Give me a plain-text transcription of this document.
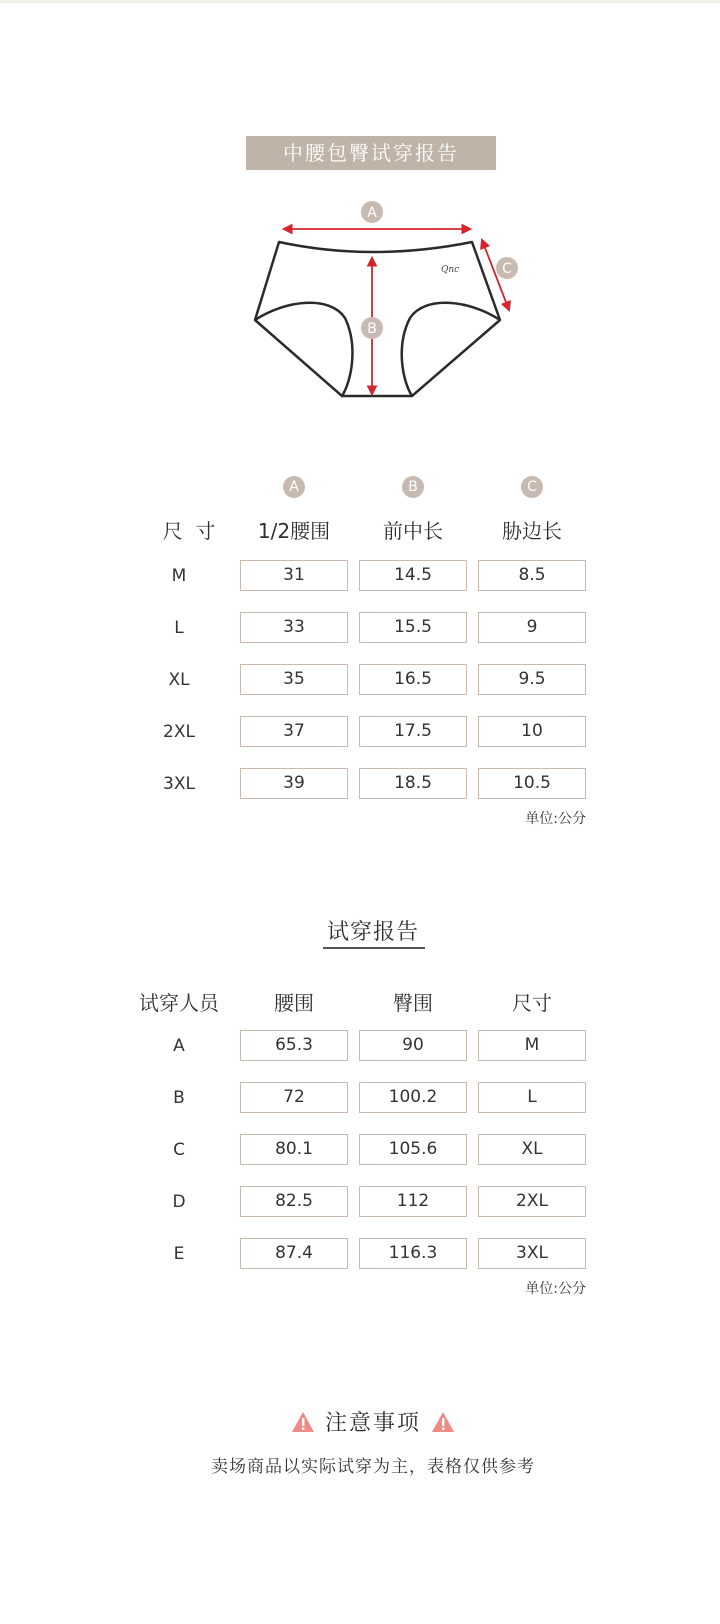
中腰包臀试穿报告
Qnc
A
B
C
A	B	C
尺  寸	1/2腰围	前中长	胁边长
M	31	14.5	8.5
L	33	15.5	9
XL	35	16.5	9.5
2XL	37	17.5	10
3XL	39	18.5	10.5
单位:公分
试穿报告
试穿人员	腰围	臀围	尺寸
A	65.3	90	M
B	72	100.2	L
C	80.1	105.6	XL
D	82.5	112	2XL
E	87.4	116.3	3XL
单位:公分
注意事项
卖场商品以实际试穿为主，表格仅供参考
